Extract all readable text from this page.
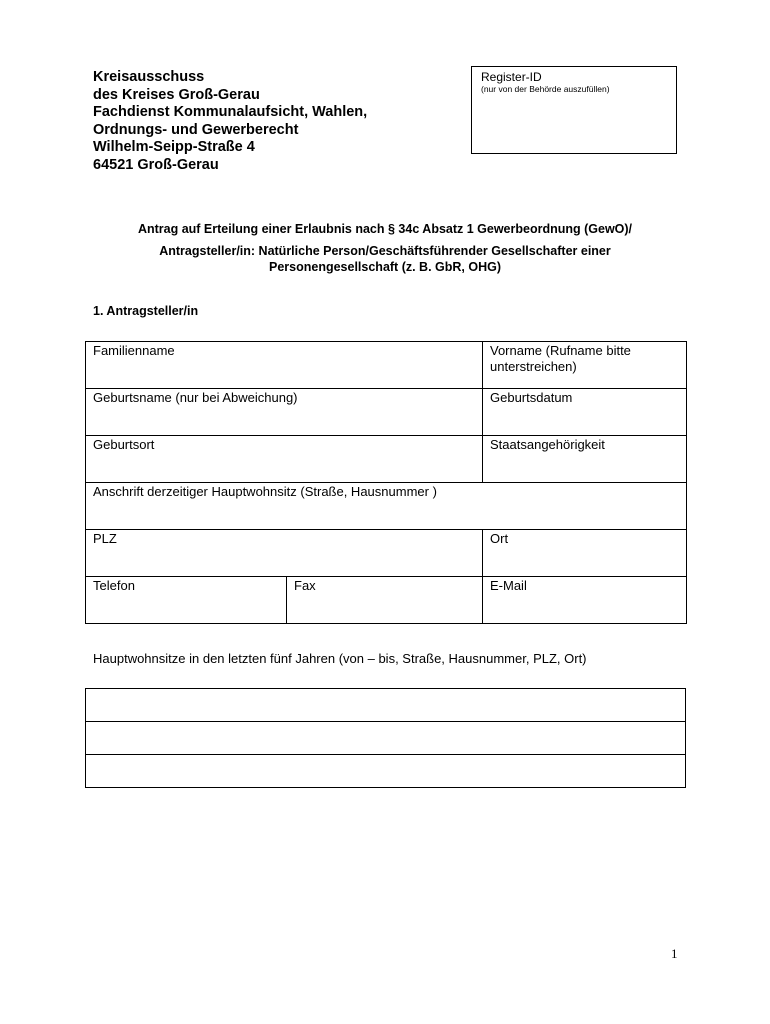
Kreisausschuss
des Kreises Groß-Gerau
Fachdienst Kommunalaufsicht, Wahlen,
Ordnungs- und Gewerberecht
Wilhelm-Seipp-Straße 4
64521 Groß-Gerau
Register-ID
(nur von der Behörde auszufüllen)
Antrag auf Erteilung einer Erlaubnis nach § 34c Absatz 1 Gewerbeordnung (GewO)/
Antragsteller/in: Natürliche Person/Geschäftsführender Gesellschafter einer
Personengesellschaft (z. B. GbR, OHG)
1. Antragsteller/in
Familienname		Vorname (Rufname bitte unterstreichen)
Geburtsname (nur bei Abweichung)		Geburtsdatum
Geburtsort		Staatsangehörigkeit
Anschrift derzeitiger Hauptwohnsitz (Straße, Hausnummer )		
PLZ		Ort
Telefon	Fax	E-Mail
Hauptwohnsitze in den letzten fünf Jahren (von – bis, Straße, Hausnummer, PLZ, Ort)

1
